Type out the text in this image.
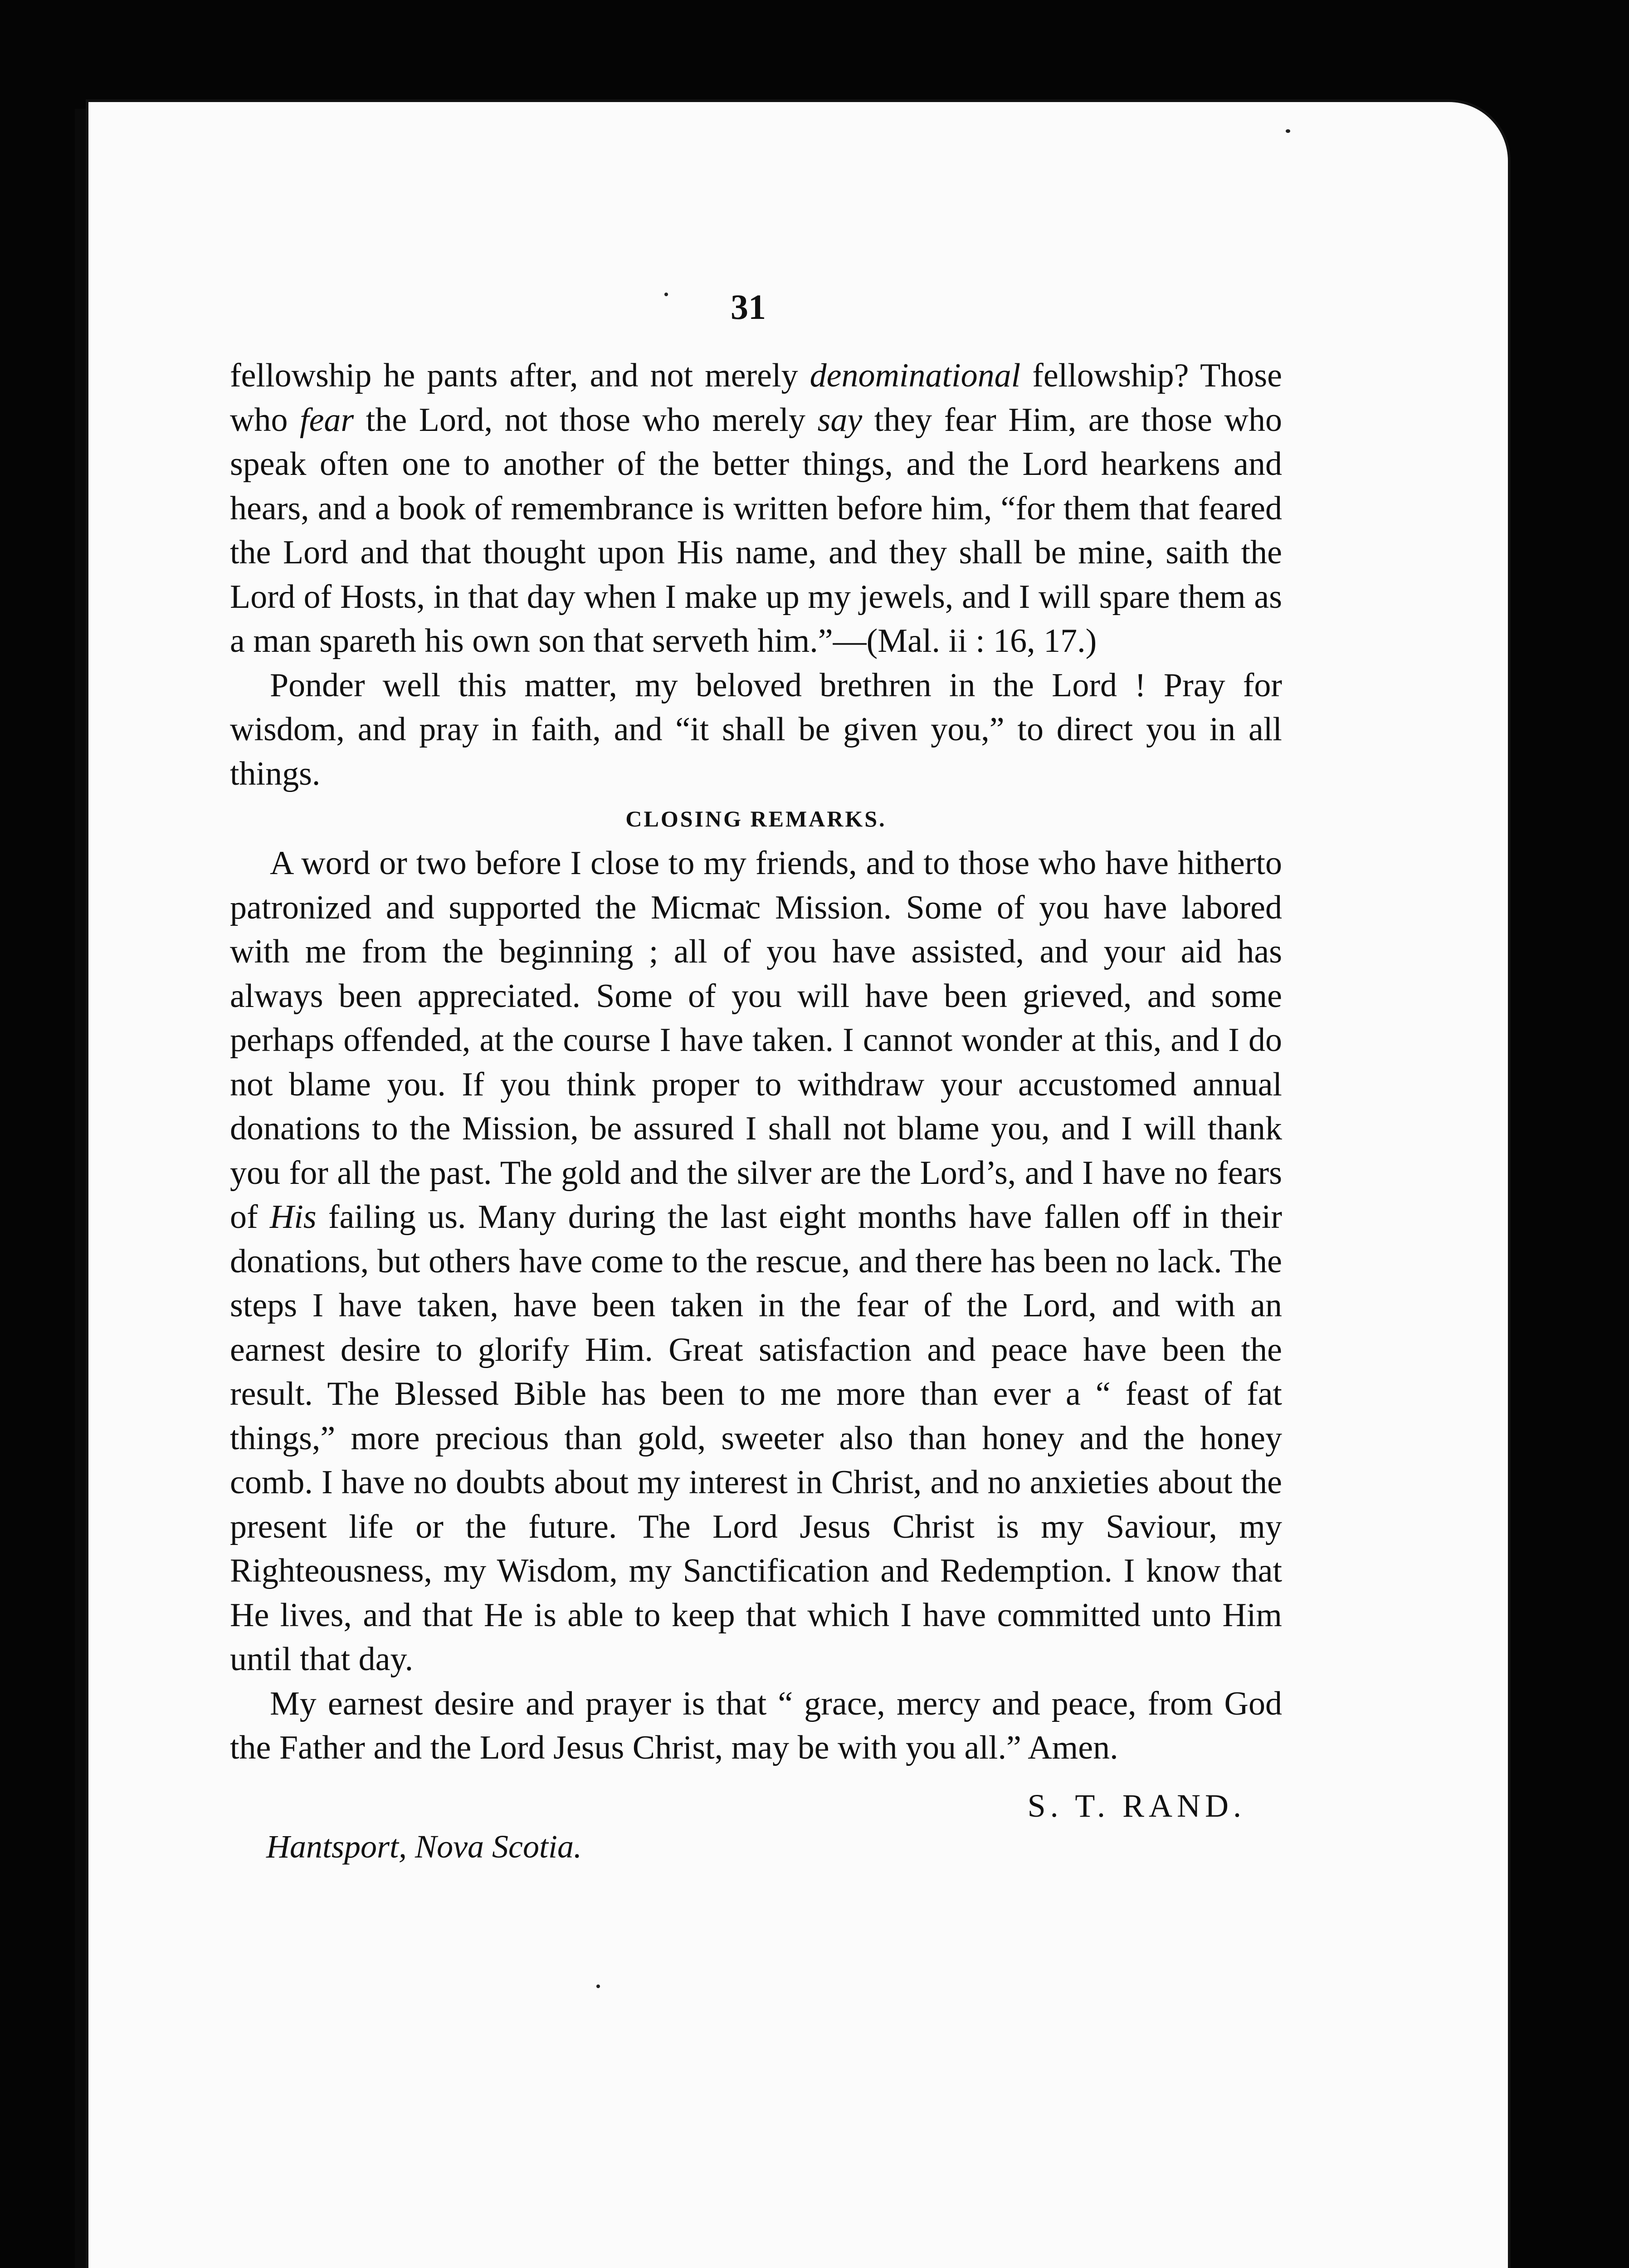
31

fellowship he pants after, and not merely denominational fellowship? Those who fear the Lord, not those who merely say they fear Him, are those who speak often one to another of the better things, and the Lord hearkens and hears, and a book of remembrance is written before him, “for them that feared the Lord and that thought upon His name, and they shall be mine, saith the Lord of Hosts, in that day when I make up my jewels, and I will spare them as a man spareth his own son that serveth him.”—(Mal. ii : 16, 17.)

Ponder well this matter, my beloved brethren in the Lord ! Pray for wisdom, and pray in faith, and “it shall be given you,” to direct you in all things.

CLOSING REMARKS.

A word or two before I close to my friends, and to those who have hitherto patronized and supported the Micmac Mission. Some of you have labored with me from the beginning ; all of you have assisted, and your aid has always been appreciated. Some of you will have been grieved, and some perhaps offended, at the course I have taken. I cannot wonder at this, and I do not blame you. If you think proper to withdraw your accustomed annual donations to the Mission, be assured I shall not blame you, and I will thank you for all the past. The gold and the silver are the Lord’s, and I have no fears of His failing us. Many during the last eight months have fallen off in their donations, but others have come to the rescue, and there has been no lack. The steps I have taken, have been taken in the fear of the Lord, and with an earnest desire to glorify Him. Great satisfaction and peace have been the result. The Blessed Bible has been to me more than ever a “ feast of fat things,” more precious than gold, sweeter also than honey and the honey comb. I have no doubts about my interest in Christ, and no anxieties about the present life or the future. The Lord Jesus Christ is my Saviour, my Righteousness, my Wisdom, my Sanctification and Redemption. I know that He lives, and that He is able to keep that which I have committed unto Him until that day.

My earnest desire and prayer is that “ grace, mercy and peace, from God the Father and the Lord Jesus Christ, may be with you all.” Amen.

S. T. RAND.
Hantsport, Nova Scotia.
